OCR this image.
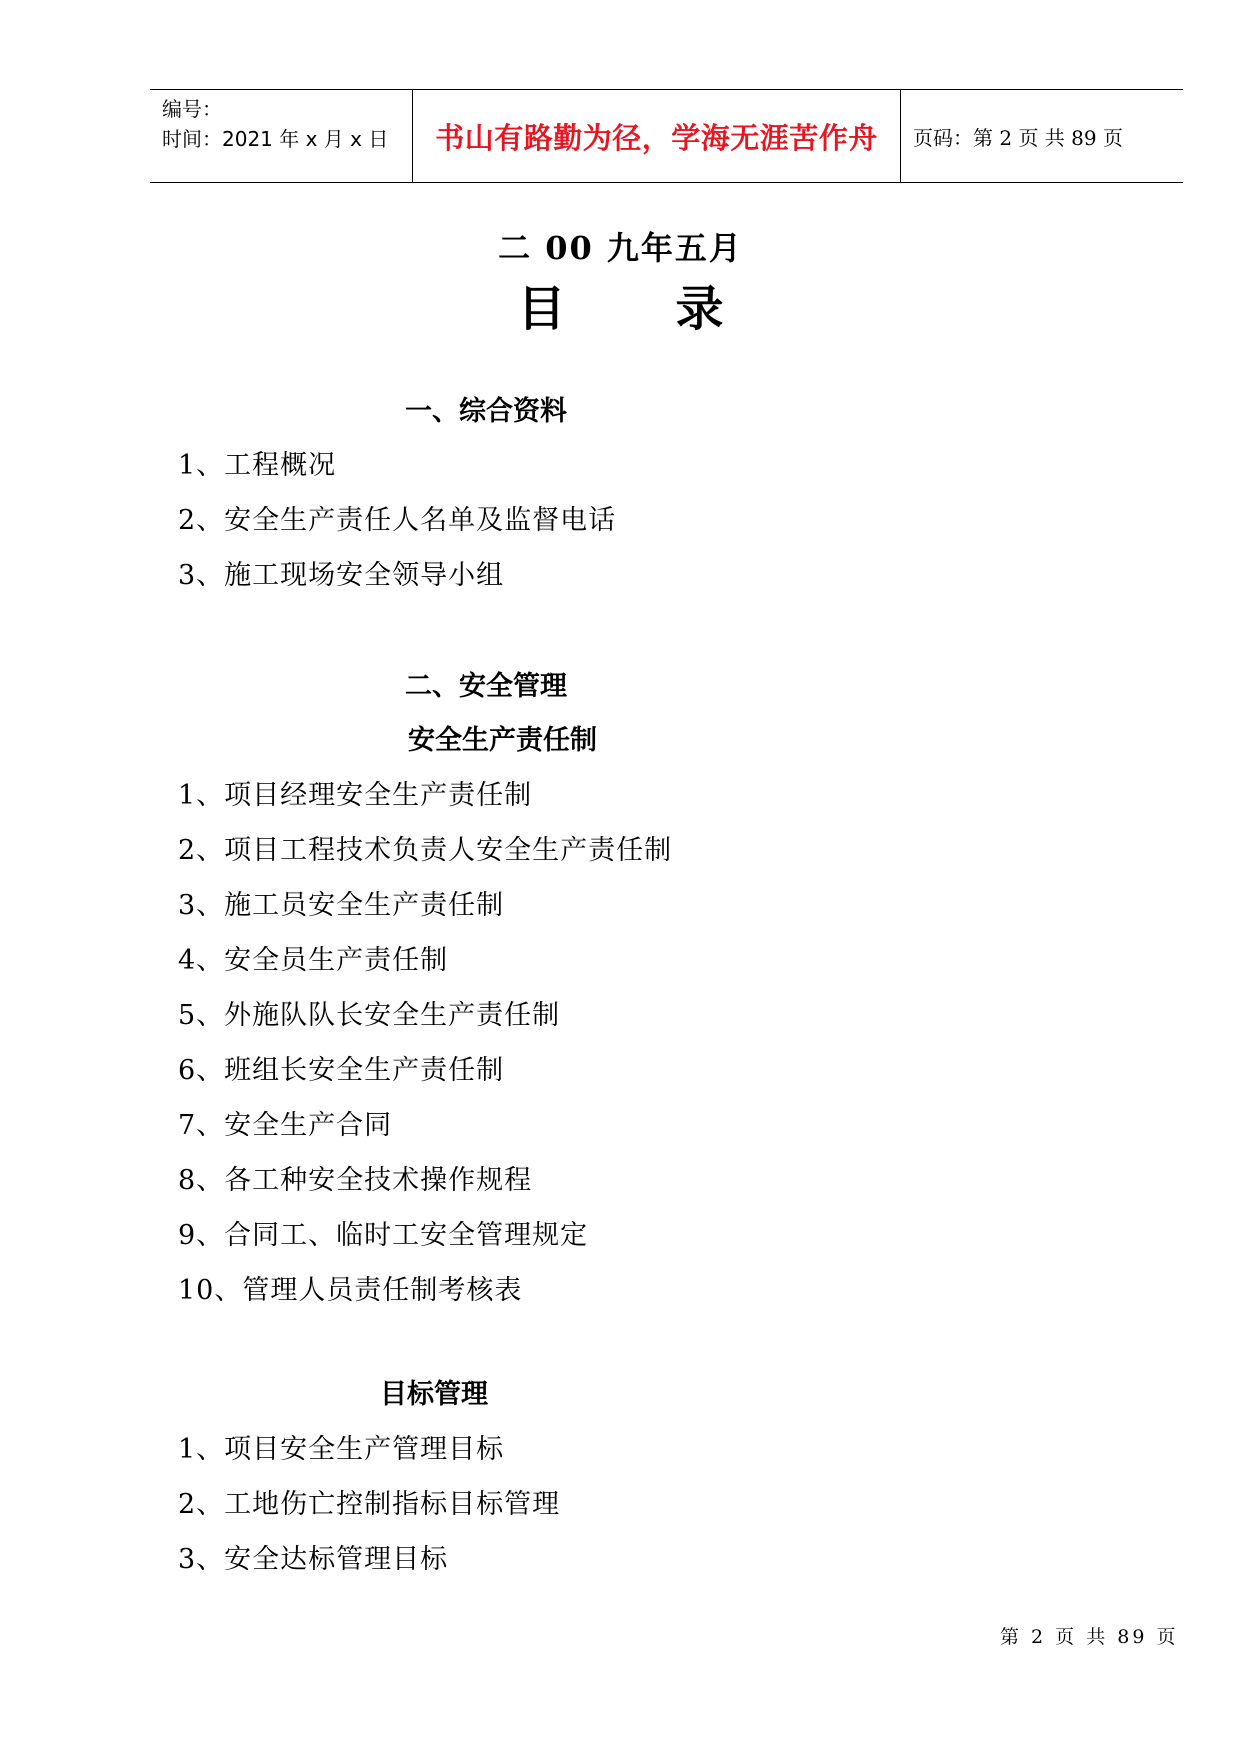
编号：
时间：2021 年 x 月 x 日	书山有路勤为径，学海无涯苦作舟	页码：第 2 页 共 89 页
二 00 九年五月
目 录
一、综合资料
1、工程概况
2、安全生产责任人名单及监督电话
3、施工现场安全领导小组
二、安全管理
安全生产责任制
1、项目经理安全生产责任制
2、项目工程技术负责人安全生产责任制
3、施工员安全生产责任制
4、安全员生产责任制
5、外施队队长安全生产责任制
6、班组长安全生产责任制
7、安全生产合同
8、各工种安全技术操作规程
9、合同工、临时工安全管理规定
10、管理人员责任制考核表
目标管理
1、项目安全生产管理目标
2、工地伤亡控制指标目标管理
3、安全达标管理目标
第 2 页 共 89 页
